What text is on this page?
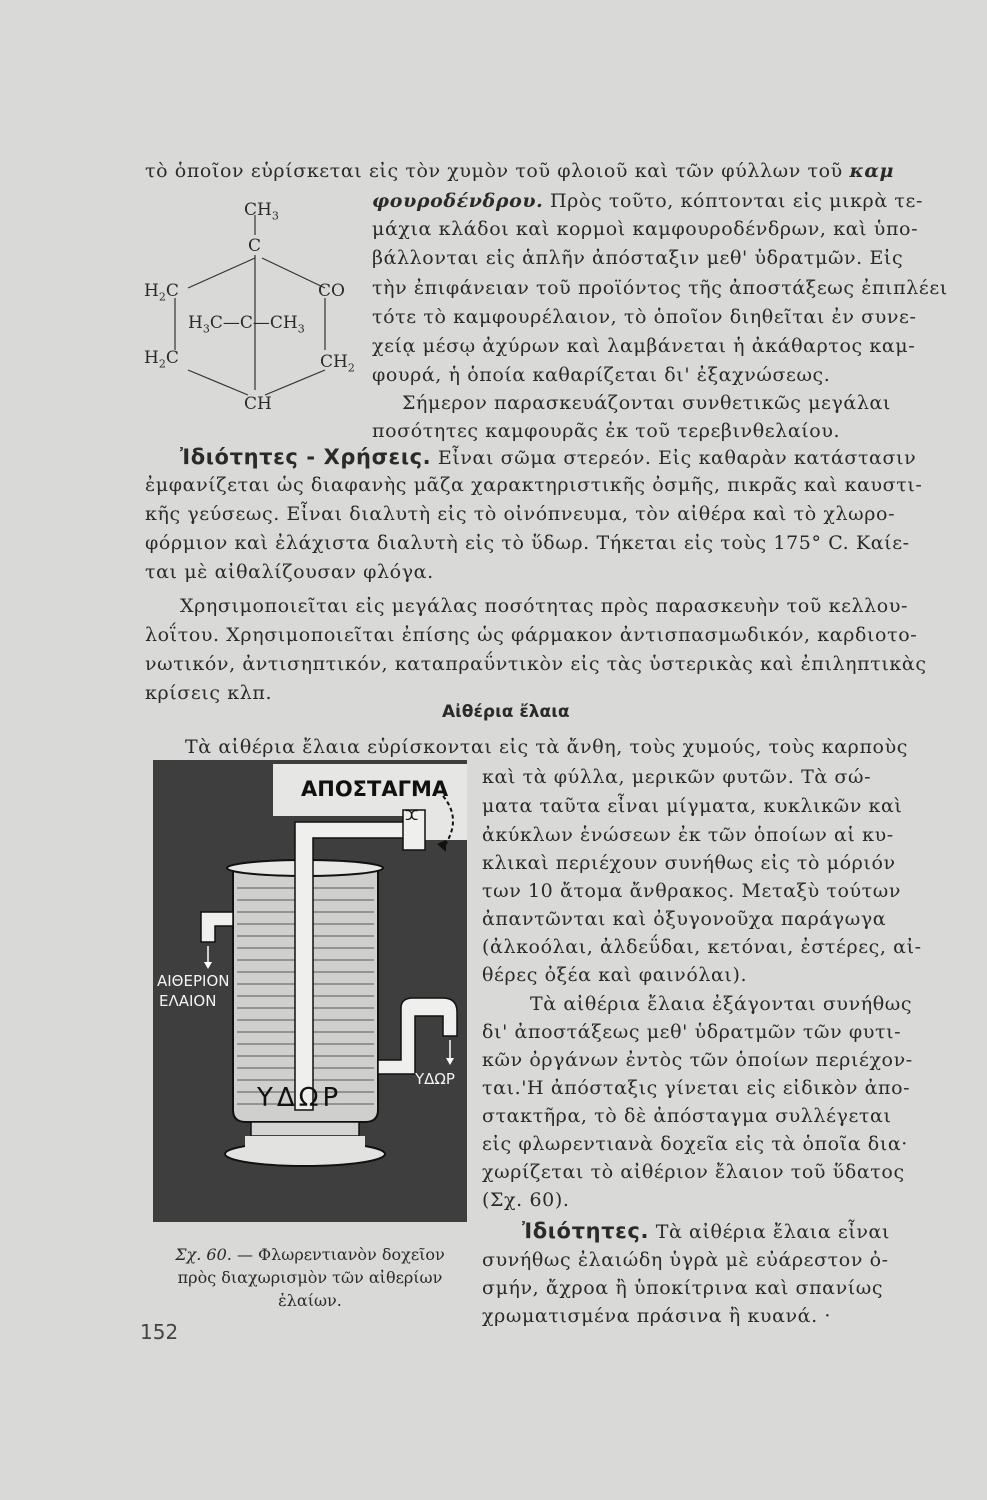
$CH_3$
C
$H_2C$	CO
$H_3C—C—CH_3$
$H_2C$	$CH_2$
CH
τὸ ὁποῖον εὑρίσκεται εἰς τὸν χυμὸν τοῦ φλοιοῦ καὶ τῶν φύλλων τοῦ καμ
φουροδένδρου. Πρὸς τοῦτο, κόπτονται εἰς μικρὰ τε-
μάχια κλάδοι καὶ κορμοὶ καμφουροδένδρων, καὶ ὑπο-
βάλλονται εἰς ἁπλῆν ἀπόσταξιν μεθ' ὑδρατμῶν. Εἰς
τὴν ἐπιφάνειαν τοῦ προϊόντος τῆς ἀποστάξεως ἐπιπλέει
τότε τὸ καμφουρέλαιον, τὸ ὁποῖον διηθεῖται ἐν συνε-
χείᾳ μέσῳ ἀχύρων καὶ λαμβάνεται ἡ ἀκάθαρτος καμ-
φουρά, ἡ ὁποία καθαρίζεται δι' ἐξαχνώσεως.
Σήμερον παρασκευάζονται συνθετικῶς μεγάλαι
ποσότητες καμφουρᾶς ἐκ τοῦ τερεβινθελαίου.
Ἰδιότητες - Χρήσεις. Εἶναι σῶμα στερεόν. Εἰς καθαρὰν κατάστασιν
ἐμφανίζεται ὡς διαφανὴς μᾶζα χαρακτηριστικῆς ὀσμῆς, πικρᾶς καὶ καυστι-
κῆς γεύσεως. Εἶναι διαλυτὴ εἰς τὸ οἰνόπνευμα, τὸν αἰθέρα καὶ τὸ χλωρο-
φόρμιον καὶ ἐλάχιστα διαλυτὴ εἰς τὸ ὕδωρ. Τήκεται εἰς τοὺς 175° C. Καίε-
ται μὲ αἰθαλίζουσαν φλόγα.
Χρησιμοποιεῖται εἰς μεγάλας ποσότητας πρὸς παρασκευὴν τοῦ κελλου-
λοΐτου. Χρησιμοποιεῖται ἐπίσης ὡς φάρμακον ἀντισπασμωδικόν, καρδιοτο-
νωτικόν, ἀντισηπτικόν, καταπραΰντικὸν εἰς τὰς ὑστερικὰς καὶ ἐπιληπτικὰς
κρίσεις κλπ.
Αἰθέρια ἔλαια
Τὰ αἰθέρια ἔλαια εὑρίσκονται εἰς τὰ ἄνθη, τοὺς χυμούς, τοὺς καρποὺς
καὶ τὰ φύλλα, μερικῶν φυτῶν. Τὰ σώ-
ματα ταῦτα εἶναι μίγματα, κυκλικῶν καὶ
ἀκύκλων ἑνώσεων ἐκ τῶν ὁποίων αἱ κυ-
κλικαὶ περιέχουν συνήθως εἰς τὸ μόριόν
των 10 ἄτομα ἄνθρακος. Μεταξὺ τούτων
ἀπαντῶνται καὶ ὀξυγονοῦχα παράγωγα
(ἀλκοόλαι, ἀλδεΰδαι, κετόναι, ἐστέρες, αἰ-
θέρες ὀξέα καὶ φαινόλαι).
Τὰ αἰθέρια ἔλαια ἐξάγονται συνήθως
δι' ἀποστάξεως μεθ' ὑδρατμῶν τῶν φυτι-
κῶν ὀργάνων ἐντὸς τῶν ὁποίων περιέχον-
ται.'Η ἀπόσταξις γίνεται εἰς εἰδικὸν ἀπο-
στακτῆρα, τὸ δὲ ἀπόσταγμα συλλέγεται
εἰς φλωρεντιανὰ δοχεῖα εἰς τὰ ὁποῖα δια·
χωρίζεται τὸ αἰθέριον ἔλαιον τοῦ ὕδατος
(Σχ. 60).
Ἰδιότητες. Τὰ αἰθέρια ἔλαια εἶναι
συνήθως ἐλαιώδη ὑγρὰ μὲ εὐάρεστον ὀ-
σμήν, ἄχροα ἢ ὑποκίτρινα καὶ σπανίως
χρωματισμένα πράσινα ἢ κυανά. ·
ⵋ
ΑΠΟΣΤΑΓΜΑ
ΑΙΘΕΡΙΟΝ
ΕΛΑΙΟΝ
ΥΔΩΡ
ΥΔΩΡ
Σχ. 60. — Φλωρεντιανὸν δοχεῖον
πρὸς διαχωρισμὸν τῶν αἰθερίων
ἐλαίων.
152
